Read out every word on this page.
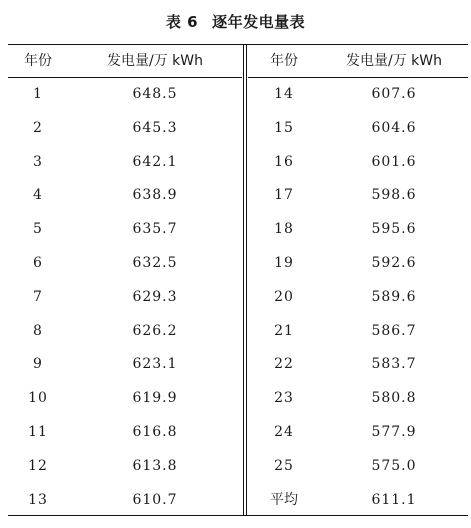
表 6 逐年发电量表
年份	发电量/万 kWh
1	648.5
2	645.3
3	642.1
4	638.9
5	635.7
6	632.5
7	629.3
8	626.2
9	623.1
10	619.9
11	616.8
12	613.8
13	610.7
年份	发电量/万 kWh
14	607.6
15	604.6
16	601.6
17	598.6
18	595.6
19	592.6
20	589.6
21	586.7
22	583.7
23	580.8
24	577.9
25	575.0
平均	611.1
